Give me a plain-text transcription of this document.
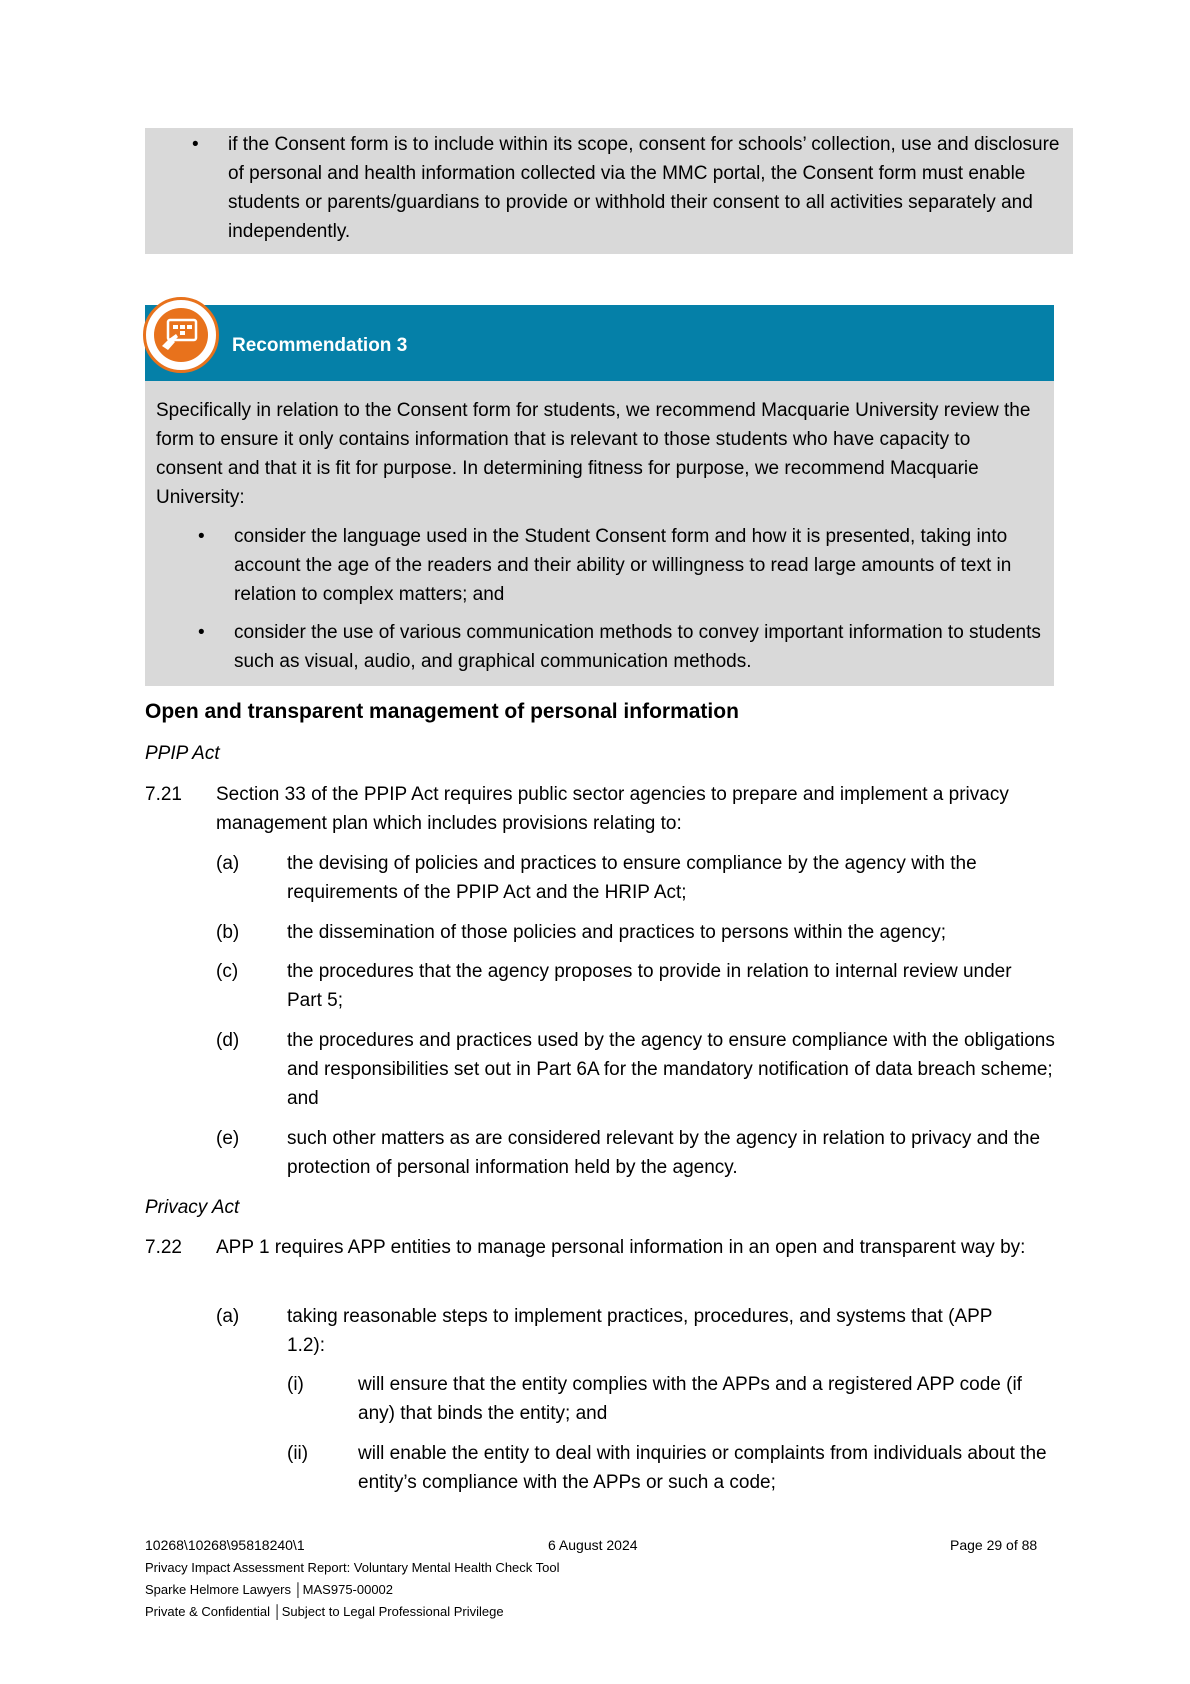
• if the Consent form is to include within its scope, consent for schools’ collection, use and disclosure of personal and health information collected via the MMC portal, the Consent form must enable students or parents/guardians to provide or withhold their consent to all activities separately and independently.
Recommendation 3
Specifically in relation to the Consent form for students, we recommend Macquarie University review the form to ensure it only contains information that is relevant to those students who have capacity to consent and that it is fit for purpose. In determining fitness for purpose, we recommend Macquarie University:
• consider the language used in the Student Consent form and how it is presented, taking into account the age of the readers and their ability or willingness to read large amounts of text in relation to complex matters; and
• consider the use of various communication methods to convey important information to students such as visual, audio, and graphical communication methods.
Open and transparent management of personal information
PPIP Act
7.21 Section 33 of the PPIP Act requires public sector agencies to prepare and implement a privacy management plan which includes provisions relating to:
(a)	the devising of policies and practices to ensure compliance by the agency with the requirements of the PPIP Act and the HRIP Act;
(b)	the dissemination of those policies and practices to persons within the agency;
(c)	the procedures that the agency proposes to provide in relation to internal review under Part 5;
(d)	the procedures and practices used by the agency to ensure compliance with the obligations and responsibilities set out in Part 6A for the mandatory notification of data breach scheme; and
(e)	such other matters as are considered relevant by the agency in relation to privacy and the protection of personal information held by the agency.
Privacy Act
7.22 APP 1 requires APP entities to manage personal information in an open and transparent way by:
(a)	taking reasonable steps to implement practices, procedures, and systems that (APP 1.2):
(i)	will ensure that the entity complies with the APPs and a registered APP code (if any) that binds the entity; and
(ii)	will enable the entity to deal with inquiries or complaints from individuals about the entity’s compliance with the APPs or such a code;
10268\10268\95818240\1	6 August 2024	Page 29 of 88
Privacy Impact Assessment Report: Voluntary Mental Health Check Tool
Sparke Helmore Lawyers │MAS975-00002
Private & Confidential │Subject to Legal Professional Privilege
